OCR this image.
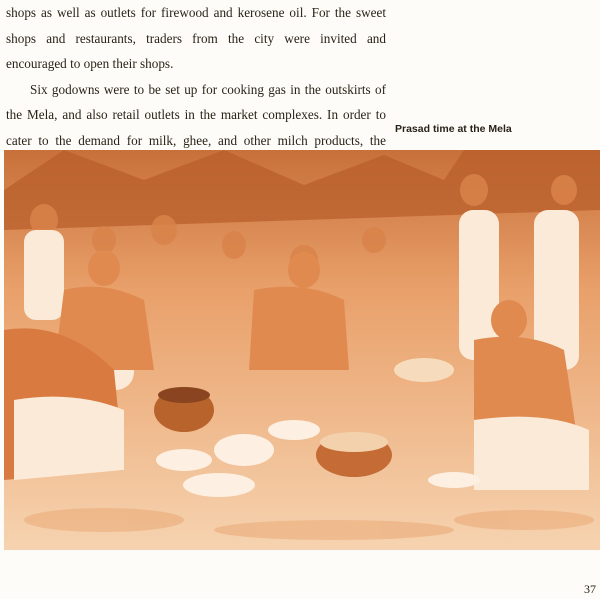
shops as well as outlets for firewood and kerosene oil. For the sweet shops and restaurants, traders from the city were invited and encouraged to open their shops.

Six godowns were to be set up for cooking gas in the outskirts of the Mela, and also retail outlets in the market complexes. In order to cater to the demand for milk, ghee, and other milch products, the

Prasad time at the Mela
37
